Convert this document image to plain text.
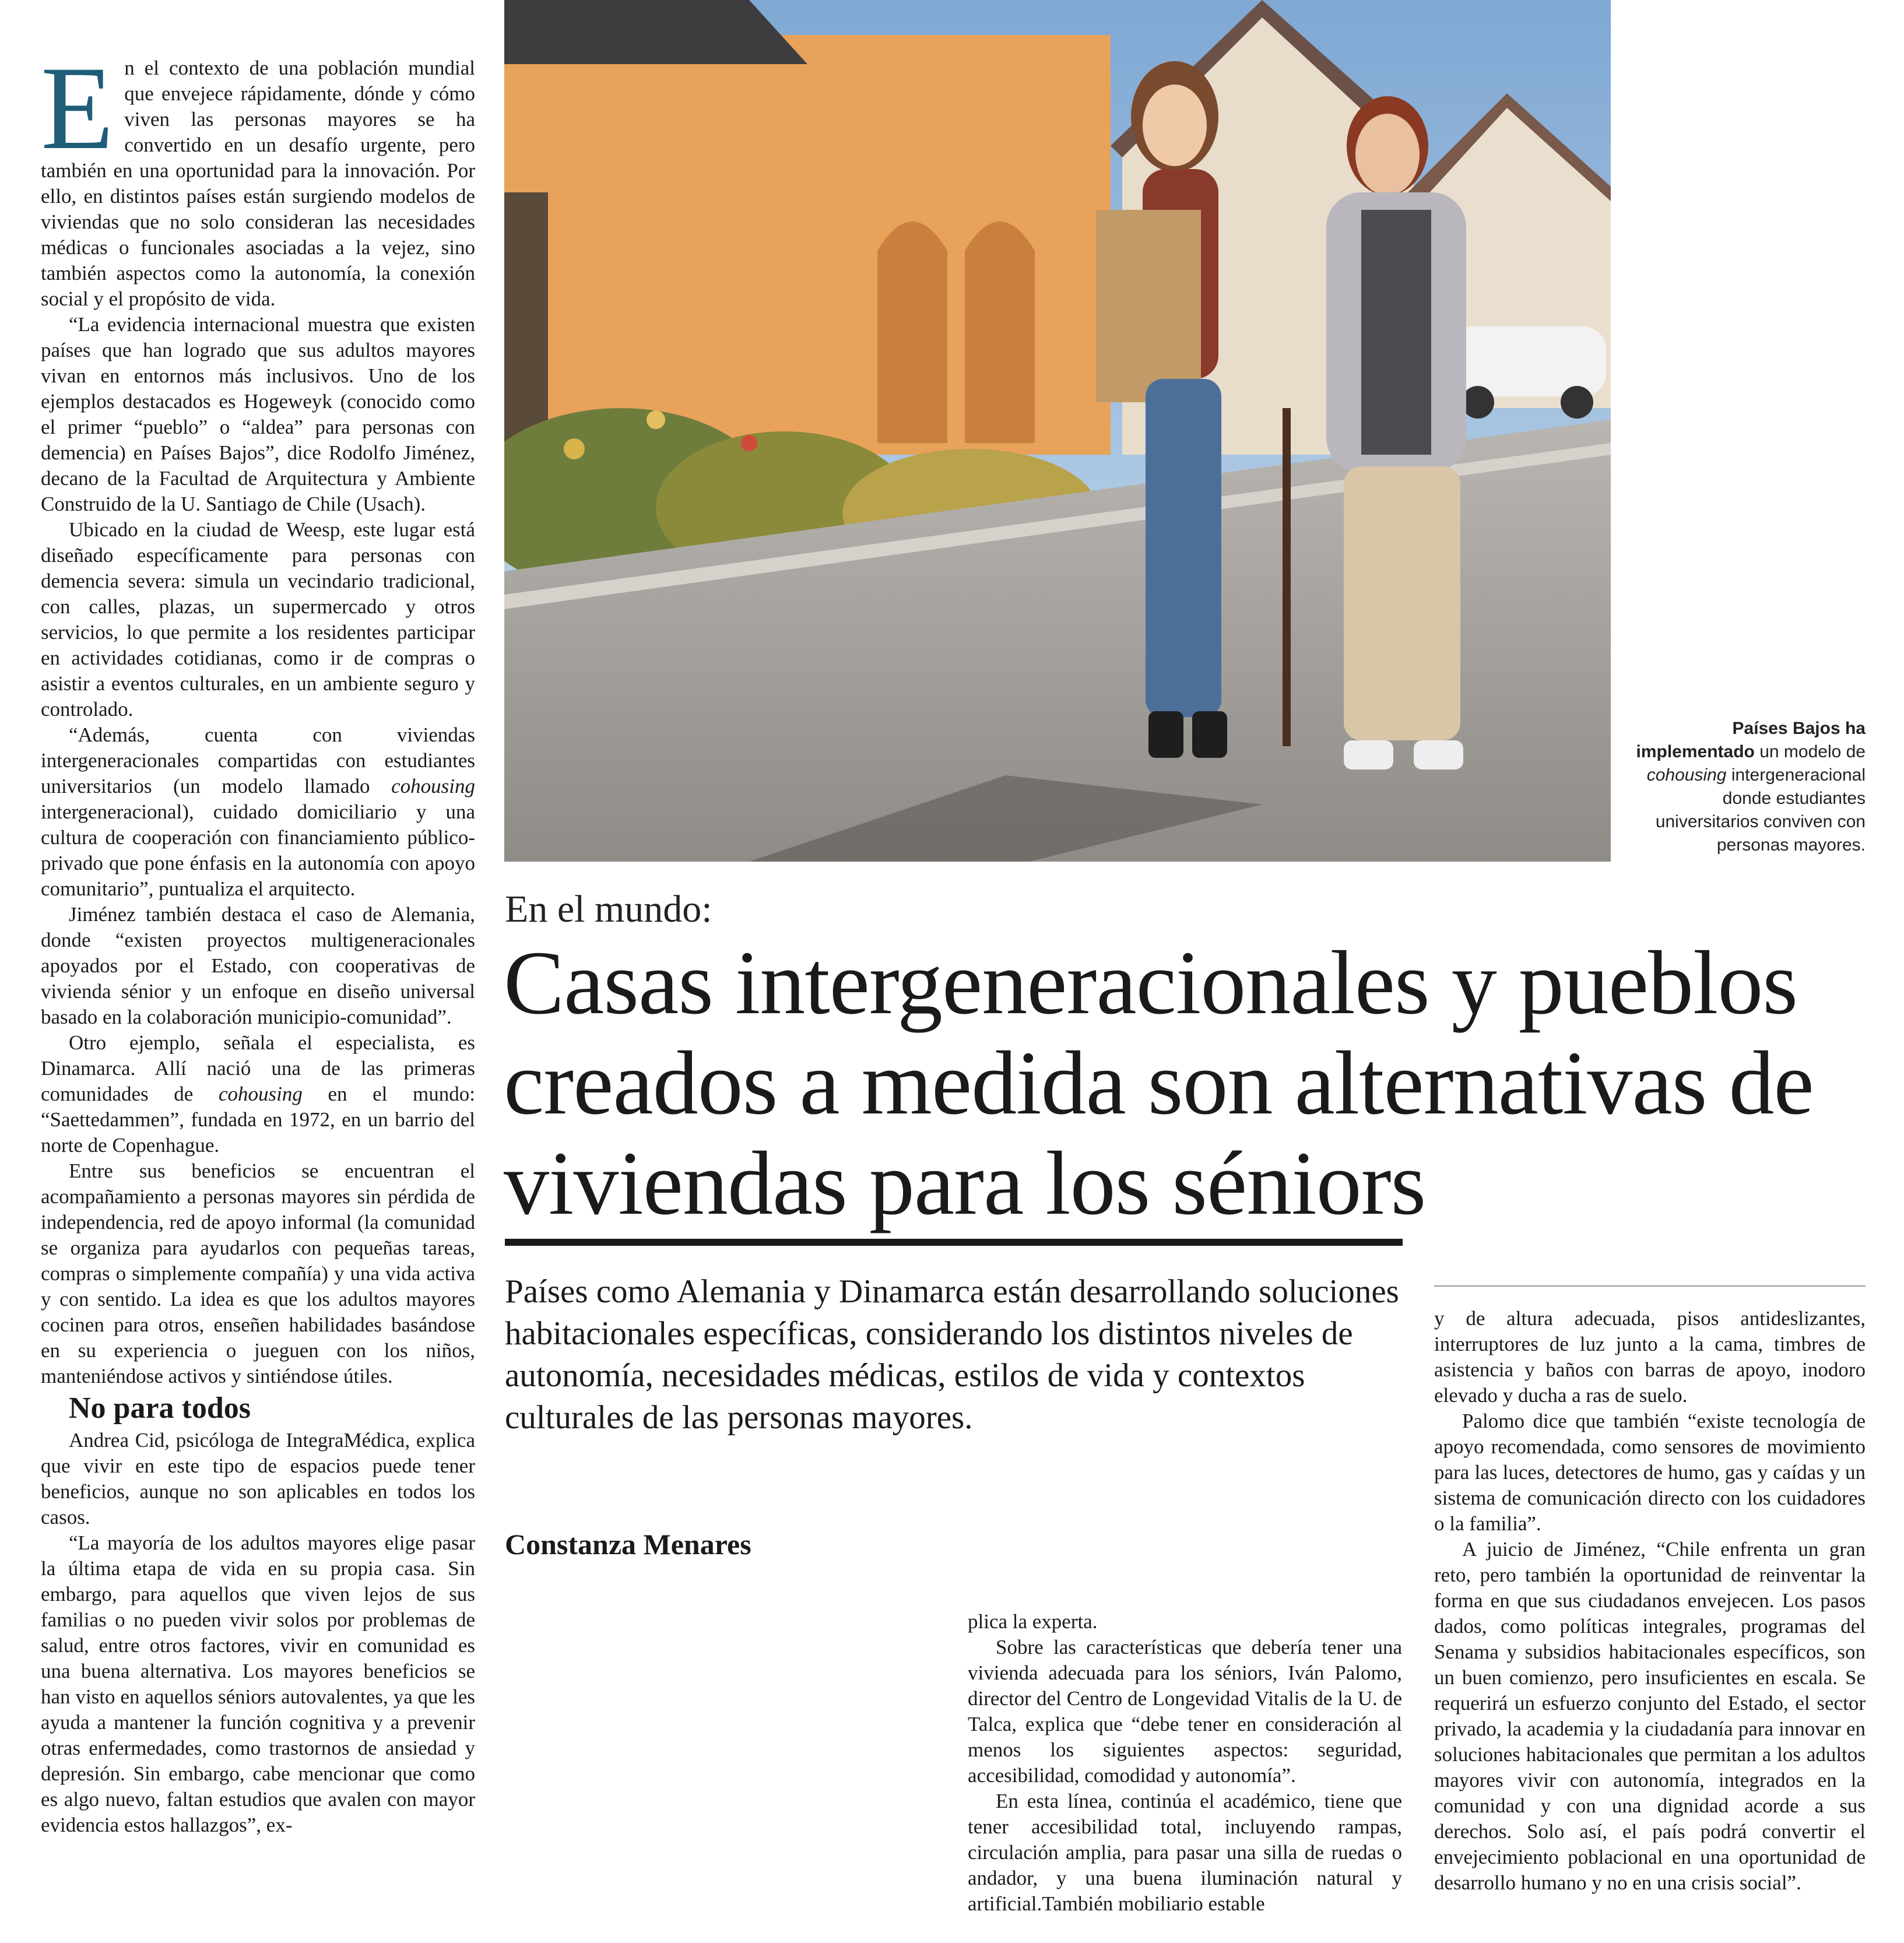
En el contexto de una población mundial que envejece rápidamente, dónde y cómo viven las personas mayores se ha convertido en un desafío urgente, pero también en una oportunidad para la innovación. Por ello, en distintos países están surgiendo modelos de viviendas que no solo consideran las necesidades médicas o funcionales asociadas a la vejez, sino también aspectos como la autonomía, la conexión social y el propósito de vida.

“La evidencia internacional muestra que existen países que han logrado que sus adultos mayores vivan en entornos más inclusivos. Uno de los ejemplos destacados es Hogeweyk (conocido como el primer “pueblo” o “aldea” para personas con demencia) en Países Bajos”, dice Rodolfo Jiménez, decano de la Facultad de Arquitectura y Ambiente Construido de la U. Santiago de Chile (Usach).

Ubicado en la ciudad de Weesp, este lugar está diseñado específicamente para personas con demencia severa: simula un vecindario tradicional, con calles, plazas, un supermercado y otros servicios, lo que permite a los residentes participar en actividades cotidianas, como ir de compras o asistir a eventos culturales, en un ambiente seguro y controlado.

“Además, cuenta con viviendas intergeneracionales compartidas con estudiantes universitarios (un modelo llamado cohousing intergeneracional), cuidado domiciliario y una cultura de cooperación con financiamiento público-privado que pone énfasis en la autonomía con apoyo comunitario”, puntualiza el arquitecto.

Jiménez también destaca el caso de Alemania, donde “existen proyectos multigeneracionales apoyados por el Estado, con cooperativas de vivienda sénior y un enfoque en diseño universal basado en la colaboración municipio-comunidad”.

Otro ejemplo, señala el especialista, es Dinamarca. Allí nació una de las primeras comunidades de cohousing en el mundo: “Saettedammen”, fundada en 1972, en un barrio del norte de Copenhague.

Entre sus beneficios se encuentran el acompañamiento a personas mayores sin pérdida de independencia, red de apoyo informal (la comunidad se organiza para ayudarlos con pequeñas tareas, compras o simplemente compañía) y una vida activa y con sentido. La idea es que los adultos mayores cocinen para otros, enseñen habilidades basándose en su experiencia o jueguen con los niños, manteniéndose activos y sintiéndose útiles.

No para todos

Andrea Cid, psicóloga de IntegraMédica, explica que vivir en este tipo de espacios puede tener beneficios, aunque no son aplicables en todos los casos.

“La mayoría de los adultos mayores elige pasar la última etapa de vida en su propia casa. Sin embargo, para aquellos que viven lejos de sus familias o no pueden vivir solos por problemas de salud, entre otros factores, vivir en comunidad es una buena alternativa. Los mayores beneficios se han visto en aquellos séniors autovalentes, ya que les ayuda a mantener la función cognitiva y a prevenir otras enfermedades, como trastornos de ansiedad y depresión. Sin embargo, cabe mencionar que como es algo nuevo, faltan estudios que avalen con mayor evidencia estos hallazgos”, ex-

Países Bajos ha implementado un modelo de cohousing intergeneracional donde estudiantes universitarios conviven con personas mayores.
En el mundo:
Casas intergeneracionales y pueblos creados a medida son alternativas de viviendas para los séniors
Países como Alemania y Dinamarca están desarrollando soluciones habitacionales específicas, considerando los distintos niveles de autonomía, necesidades médicas, estilos de vida y contextos culturales de las personas mayores.
Constanza Menares

plica la experta.

Sobre las características que debería tener una vivienda adecuada para los séniors, Iván Palomo, director del Centro de Longevidad Vitalis de la U. de Talca, explica que “debe tener en consideración al menos los siguientes aspectos: seguridad, accesibilidad, comodidad y autonomía”.

En esta línea, continúa el académico, tiene que tener accesibilidad total, incluyendo rampas, circulación amplia, para pasar una silla de ruedas o andador, y una buena iluminación natural y artificial.También mobiliario estable

y de altura adecuada, pisos antideslizantes, interruptores de luz junto a la cama, timbres de asistencia y baños con barras de apoyo, inodoro elevado y ducha a ras de suelo.

Palomo dice que también “existe tecnología de apoyo recomendada, como sensores de movimiento para las luces, detectores de humo, gas y caídas y un sistema de comunicación directo con los cuidadores o la familia”.

A juicio de Jiménez, “Chile enfrenta un gran reto, pero también la oportunidad de reinventar la forma en que sus ciudadanos envejecen. Los pasos dados, como políticas integrales, programas del Senama y subsidios habitacionales específicos, son un buen comienzo, pero insuficientes en escala. Se requerirá un esfuerzo conjunto del Estado, el sector privado, la academia y la ciudadanía para innovar en soluciones habitacionales que permitan a los adultos mayores vivir con autonomía, integrados en la comunidad y con una dignidad acorde a sus derechos. Solo así, el país podrá convertir el envejecimiento poblacional en una oportunidad de desarrollo humano y no en una crisis social”.
